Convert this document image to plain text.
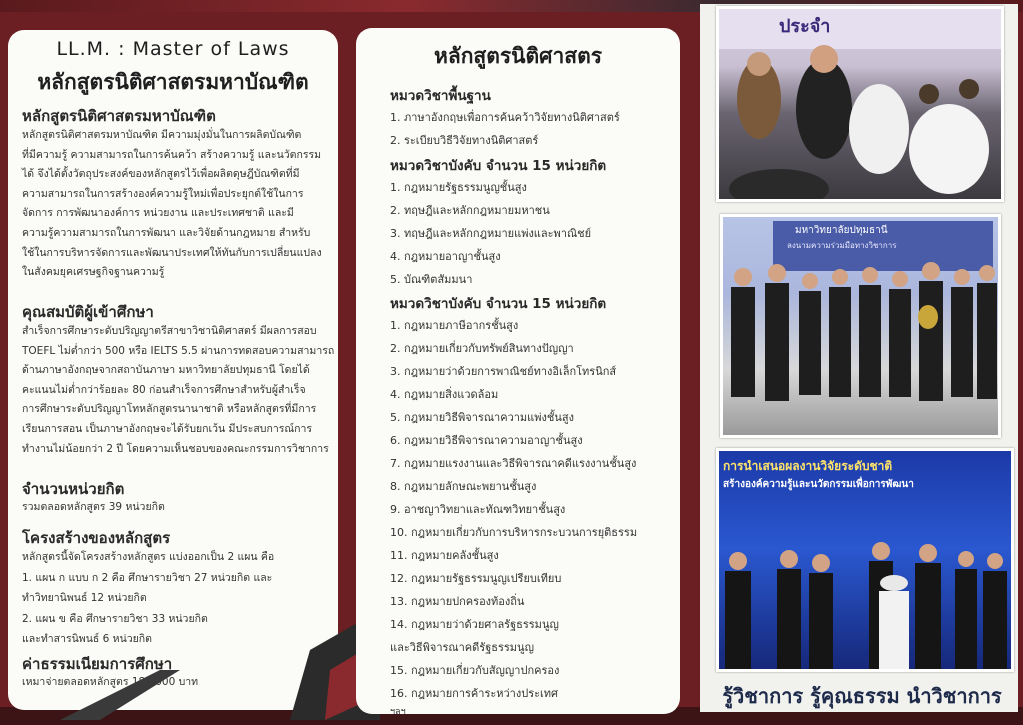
LL.M. : Master of Laws
หลักสูตรนิติศาสตรมหาบัณฑิต
หลักสูตรนิติศาสตรมหาบัณฑิต
หลักสูตรนิติศาสตรมหาบัณฑิต มีความมุ่งมั่นในการผลิตบัณฑิต
ที่มีความรู้ ความสามารถในการค้นคว้า สร้างความรู้ และนวัตกรรม
ได้ จึงได้ตั้งวัตถุประสงค์ของหลักสูตรไว้เพื่อผลิตดุษฎีบัณฑิตที่มี
ความสามารถในการสร้างองค์ความรู้ใหม่เพื่อประยุกต์ใช้ในการ
จัดการ การพัฒนาองค์การ หน่วยงาน และประเทศชาติ และมี
ความรู้ความสามารถในการพัฒนา และวิจัยด้านกฎหมาย สำหรับ
ใช้ในการบริหารจัดการและพัฒนาประเทศให้ทันกับการเปลี่ยนแปลง
ในสังคมยุคเศรษฐกิจฐานความรู้
คุณสมบัติผู้เข้าศึกษา
สำเร็จการศึกษาระดับปริญญาตรีสาขาวิชานิติศาสตร์ มีผลการสอบ
TOEFL ไม่ต่ำกว่า 500 หรือ IELTS 5.5 ผ่านการทดสอบความสามารถ
ด้านภาษาอังกฤษจากสถาบันภาษา มหาวิทยาลัยปทุมธานี โดยได้
คะแนนไม่ต่ำกว่าร้อยละ 80 ก่อนสำเร็จการศึกษาสำหรับผู้สำเร็จ
การศึกษาระดับปริญญาโทหลักสูตรนานาชาติ หรือหลักสูตรที่มีการ
เรียนการสอน เป็นภาษาอังกฤษจะได้รับยกเว้น มีประสบการณ์การ
ทำงานไม่น้อยกว่า 2 ปี โดยความเห็นชอบของคณะกรรมการวิชาการ
จำนวนหน่วยกิต
รวมตลอดหลักสูตร 39 หน่วยกิต
โครงสร้างของหลักสูตร
หลักสูตรนี้จัดโครงสร้างหลักสูตร แบ่งออกเป็น 2 แผน คือ
1. แผน ก แบบ ก 2 คือ ศึกษารายวิชา 27 หน่วยกิต และ
ทำวิทยานิพนธ์ 12 หน่วยกิต
2. แผน ข คือ ศึกษารายวิชา 33 หน่วยกิต
และทำสารนิพนธ์ 6 หน่วยกิต
ค่าธรรมเนียมการศึกษา
เหมาจ่ายตลอดหลักสูตร 180,000 บาท
หลักสูตรนิติศาสตร
หมวดวิชาพื้นฐาน
1. ภาษาอังกฤษเพื่อการค้นคว้าวิจัยทางนิติศาสตร์
2. ระเบียบวิธีวิจัยทางนิติศาสตร์
หมวดวิชาบังคับ จำนวน 15 หน่วยกิต
1. กฎหมายรัฐธรรมนูญชั้นสูง
2. ทฤษฎีและหลักกฎหมายมหาชน
3. ทฤษฎีและหลักกฎหมายแพ่งและพาณิชย์
4. กฎหมายอาญาชั้นสูง
5. บัณฑิตสัมมนา
หมวดวิชาบังคับ จำนวน 15 หน่วยกิต
1. กฎหมายภาษีอากรชั้นสูง
2. กฎหมายเกี่ยวกับทรัพย์สินทางปัญญา
3. กฎหมายว่าด้วยการพาณิชย์ทางอิเล็กโทรนิกส์
4. กฎหมายสิ่งแวดล้อม
5. กฎหมายวิธีพิจารณาความแพ่งชั้นสูง
6. กฎหมายวิธีพิจารณาความอาญาชั้นสูง
7. กฎหมายแรงงานและวิธีพิจารณาคดีแรงงานชั้นสูง
8. กฎหมายลักษณะพยานชั้นสูง
9. อาชญาวิทยาและทัณฑวิทยาชั้นสูง
10. กฎหมายเกี่ยวกับการบริหารกระบวนการยุติธรรม
11. กฎหมายคลังชั้นสูง
12. กฎหมายรัฐธรรมนูญเปรียบเทียบ
13. กฎหมายปกครองท้องถิ่น
14. กฎหมายว่าด้วยศาลรัฐธรรมนูญ
และวิธีพิจารณาคดีรัฐธรรมนูญ
15. กฎหมายเกี่ยวกับสัญญาปกครอง
16. กฎหมายการค้าระหว่างประเทศ
ฯลฯ
ประจำ
มหาวิทยาลัยปทุมธานี
ลงนามความร่วมมือทางวิชาการ
การนำเสนอผลงานวิจัยระดับชาติ
สร้างองค์ความรู้และนวัตกรรมเพื่อการพัฒนา
รู้วิชาการ รู้คุณธรรม นำวิชาการ
